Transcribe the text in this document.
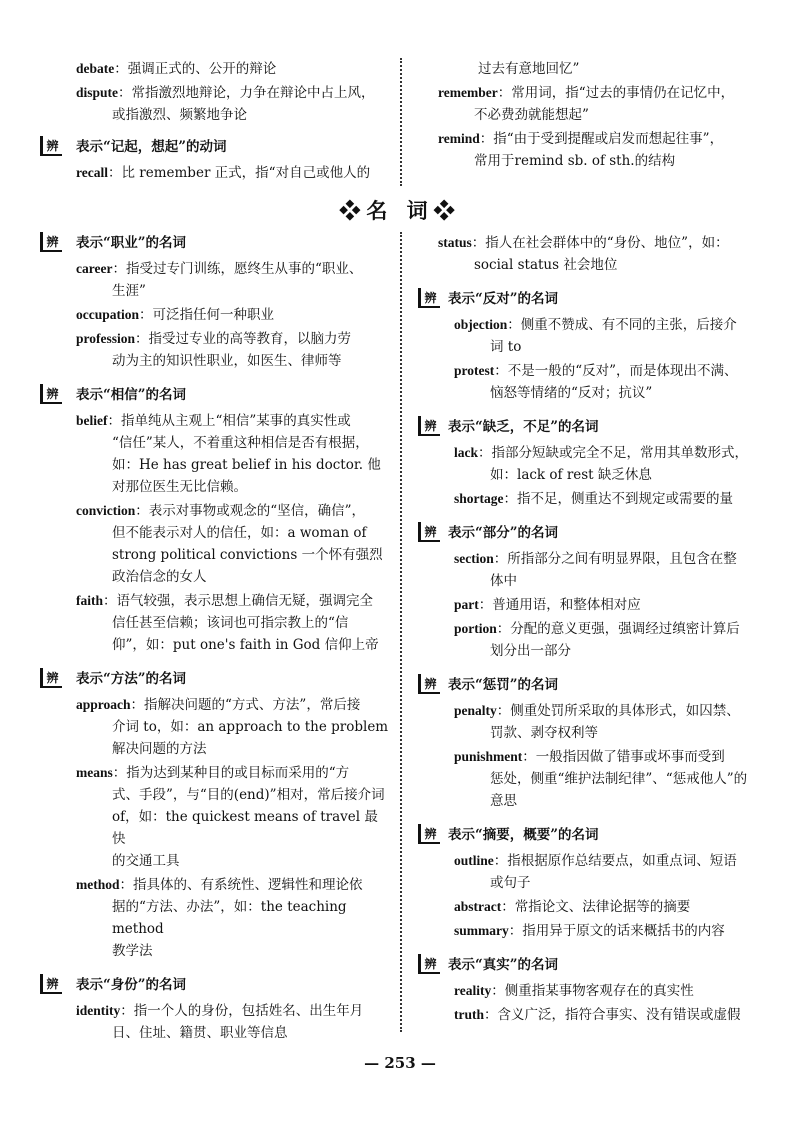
debate：强调正式的、公开的辩论
dispute：常指激烈地辩论，力争在辩论中占上风，
或指激烈、频繁地争论
辨 表示“记起，想起”的动词
recall：比 remember 正式，指“对自己或他人的
过去有意地回忆”
remember：常用词，指“过去的事情仍在记忆中，
不必费劲就能想起”
remind：指“由于受到提醒或启发而想起往事”，
常用于remind sb. of sth.的结构
❖名 词❖
辨 表示“职业”的名词
career：指受过专门训练，愿终生从事的“职业、
生涯”
occupation：可泛指任何一种职业
profession：指受过专业的高等教育，以脑力劳
动为主的知识性职业，如医生、律师等
辨 表示“相信”的名词
belief：指单纯从主观上“相信”某事的真实性或
“信任”某人，不着重这种相信是否有根据，
如：He has great belief in his doctor. 他
对那位医生无比信赖。
conviction：表示对事物或观念的“坚信，确信”，
但不能表示对人的信任，如：a woman of
strong political convictions 一个怀有强烈
政治信念的女人
faith：语气较强，表示思想上确信无疑，强调完全
信任甚至信赖；该词也可指宗教上的“信
仰”，如：put one's faith in God 信仰上帝
辨 表示“方法”的名词
approach：指解决问题的“方式、方法”，常后接
介词 to，如：an approach to the problem
解决问题的方法
means：指为达到某种目的或目标而采用的“方
式、手段”，与“目的(end)”相对，常后接介词
of，如：the quickest means of travel 最快
的交通工具
method：指具体的、有系统性、逻辑性和理论依
据的“方法、办法”，如：the teaching method
教学法
辨 表示“身份”的名词
identity：指一个人的身份，包括姓名、出生年月
日、住址、籍贯、职业等信息
status：指人在社会群体中的“身份、地位”，如：
social status 社会地位
辨 表示“反对”的名词
objection：侧重不赞成、有不同的主张，后接介
词 to
protest：不是一般的“反对”，而是体现出不满、
恼怒等情绪的“反对；抗议”
辨 表示“缺乏，不足”的名词
lack：指部分短缺或完全不足，常用其单数形式，
如：lack of rest 缺乏休息
shortage：指不足，侧重达不到规定或需要的量
辨 表示“部分”的名词
section：所指部分之间有明显界限，且包含在整
体中
part：普通用语，和整体相对应
portion：分配的意义更强，强调经过缜密计算后
划分出一部分
辨 表示“惩罚”的名词
penalty：侧重处罚所采取的具体形式，如囚禁、
罚款、剥夺权利等
punishment：一般指因做了错事或坏事而受到
惩处，侧重“维护法制纪律”、“惩戒他人”的
意思
辨 表示“摘要，概要”的名词
outline：指根据原作总结要点，如重点词、短语
或句子
abstract：常指论文、法律论据等的摘要
summary：指用异于原文的话来概括书的内容
辨 表示“真实”的名词
reality：侧重指某事物客观存在的真实性
truth：含义广泛，指符合事实、没有错误或虚假
— 253 —
